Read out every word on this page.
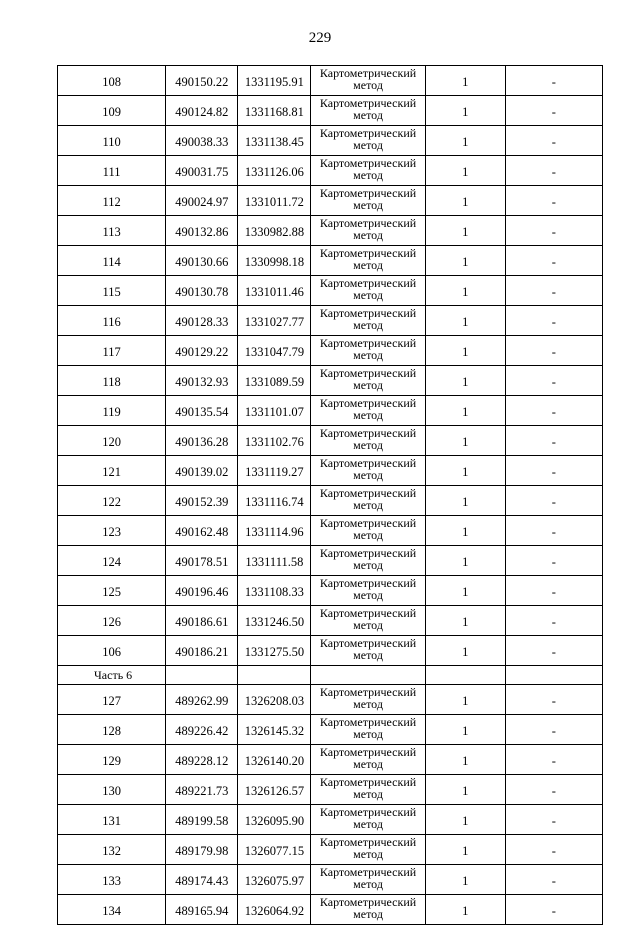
229
108	490150.22	1331195.91	Картометрический метод	1	-
109	490124.82	1331168.81	Картометрический метод	1	-
110	490038.33	1331138.45	Картометрический метод	1	-
111	490031.75	1331126.06	Картометрический метод	1	-
112	490024.97	1331011.72	Картометрический метод	1	-
113	490132.86	1330982.88	Картометрический метод	1	-
114	490130.66	1330998.18	Картометрический метод	1	-
115	490130.78	1331011.46	Картометрический метод	1	-
116	490128.33	1331027.77	Картометрический метод	1	-
117	490129.22	1331047.79	Картометрический метод	1	-
118	490132.93	1331089.59	Картометрический метод	1	-
119	490135.54	1331101.07	Картометрический метод	1	-
120	490136.28	1331102.76	Картометрический метод	1	-
121	490139.02	1331119.27	Картометрический метод	1	-
122	490152.39	1331116.74	Картометрический метод	1	-
123	490162.48	1331114.96	Картометрический метод	1	-
124	490178.51	1331111.58	Картометрический метод	1	-
125	490196.46	1331108.33	Картометрический метод	1	-
126	490186.61	1331246.50	Картометрический метод	1	-
106	490186.21	1331275.50	Картометрический метод	1	-
Часть 6					
127	489262.99	1326208.03	Картометрический метод	1	-
128	489226.42	1326145.32	Картометрический метод	1	-
129	489228.12	1326140.20	Картометрический метод	1	-
130	489221.73	1326126.57	Картометрический метод	1	-
131	489199.58	1326095.90	Картометрический метод	1	-
132	489179.98	1326077.15	Картометрический метод	1	-
133	489174.43	1326075.97	Картометрический метод	1	-
134	489165.94	1326064.92	Картометрический метод	1	-
